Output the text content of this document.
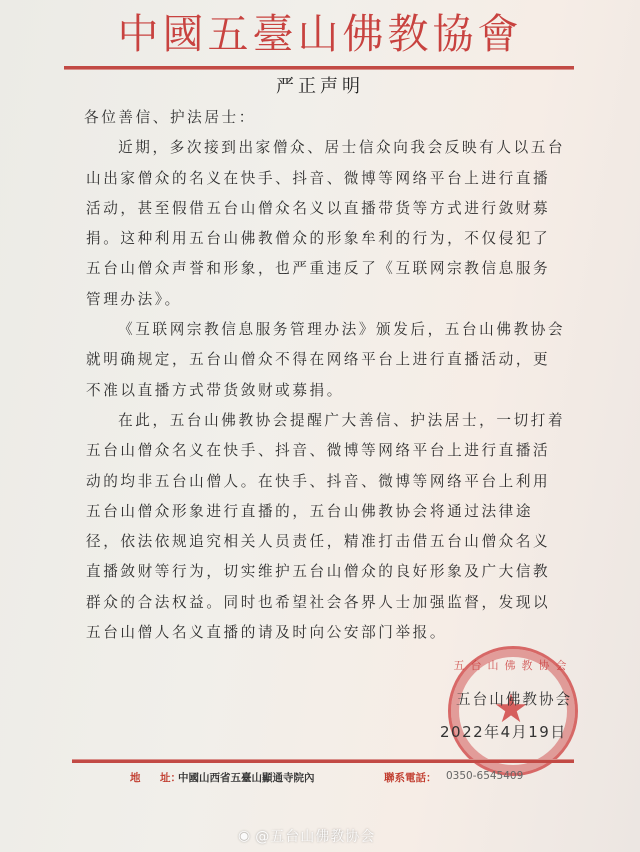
中國五臺山佛教協會
严正声明

各位善信、护法居士：

近期，多次接到出家僧众、居士信众向我会反映有人以五台山出家僧众的名义在快手、抖音、微博等网络平台上进行直播活动，甚至假借五台山僧众名义以直播带货等方式进行敛财募捐。这种利用五台山佛教僧众的形象牟利的行为，不仅侵犯了五台山僧众声誉和形象，也严重违反了《互联网宗教信息服务管理办法》。

《互联网宗教信息服务管理办法》颁发后，五台山佛教协会就明确规定，五台山僧众不得在网络平台上进行直播活动，更不准以直播方式带货敛财或募捐。

在此，五台山佛教协会提醒广大善信、护法居士，一切打着五台山僧众名义在快手、抖音、微博等网络平台上进行直播活动的均非五台山僧人。在快手、抖音、微博等网络平台上利用五台山僧众形象进行直播的，五台山佛教协会将通过法律途径，依法依规追究相关人员责任，精准打击借五台山僧众名义直播敛财等行为，切实维护五台山僧众的良好形象及广大信教群众的合法权益。同时也希望社会各界人士加强监督，发现以五台山僧人名义直播的请及时向公安部门举报。

五台山佛教协会
五台山佛教协会
2022年4月19日
地 址：
中國山西省五臺山顯通寺院內	聯系電話： 0350-6545409
◉ @五台山佛教协会
